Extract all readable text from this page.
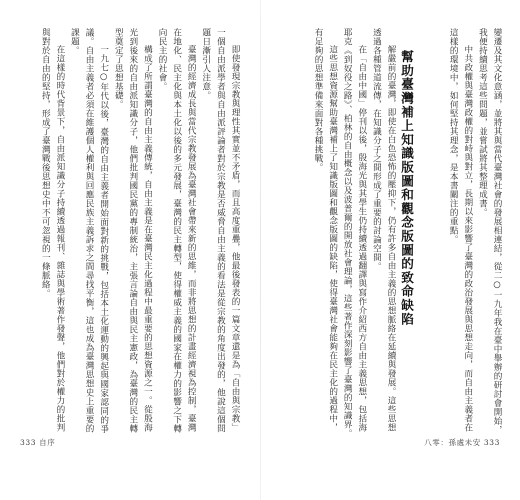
即使發現宗教與理性其實並不矛盾，而且高度重疊，他最後發表的一篇文章還是為「自由與宗教」一個自由派學者與自由派評論者對於宗教是否威脅自由主義的看法是從宗教的角度出發的，他說這個問題日漸引人注意。

臺灣的經濟成長與當代宗教發展為臺灣社會帶來新的思維，而非將思想的計畫經濟視為控制，臺灣在地化、民主化與本土化以後的多元發展，臺灣的民主轉型，使得權威主義的國家在權力的影響之下轉向民主的社會。

構成了所謂臺灣的自由主義傳統，自由主義是在臺灣民主化過程中最重要的思想資源之一。從殷海光到後來的自由派知識分子，他們批判國民黨的專制統治，主張言論自由與民主憲政，為臺灣的民主轉型奠定了思想基礎。

一九七○年代以後，臺灣的自由主義者開始面對新的挑戰，包括本土化運動的興起與國家認同的爭議。自由主義者必須在維護個人權利與回應民族主義訴求之間尋找平衡，這也成為臺灣思想史上重要的課題。

在這樣的時代背景下，自由派知識分子持續透過報刊、雜誌與學術著作發聲，他們對於權力的批判與對於自由的堅持，形成了臺灣戰後思想史中不可忽視的一條脈絡。	變遷及其文化意涵，並將其與當代臺灣社會的發展相連結，從二○一九年我在臺中舉辦的研討會開始，我便持續思考這些問題，並嘗試將其整理成書。

中共政權與臺灣政權的對峙與對立，長期以來影響了臺灣的政治發展與思想走向，而自由主義者在這樣的環境中，如何堅持其理念，是本書關注的重點。

幫助臺灣補上知識版圖和觀念版圖的致命缺陷

解嚴前的臺灣，即使在白色恐怖的壓抑下，仍有許多自由主義的思想脈絡在延續與發展。這些思想透過各種管道流傳，在知識分子之間形成了重要的討論空間。

在「自由中國」停刊以後，殷海光與其學生仍持續透過翻譯與寫作介紹西方自由主義思想，包括海耶克《到奴役之路》、柏林的自由概念以及波普爾的開放社會理論，這些著作深刻影響了臺灣的知識界。

這些思想資源幫助臺灣補上了知識版圖和觀念版圖的缺陷，使得臺灣社會能夠在民主化的過程中，有足夠的思想準備來面對各種挑戰。

333 自序	八零：孫處未安 333
